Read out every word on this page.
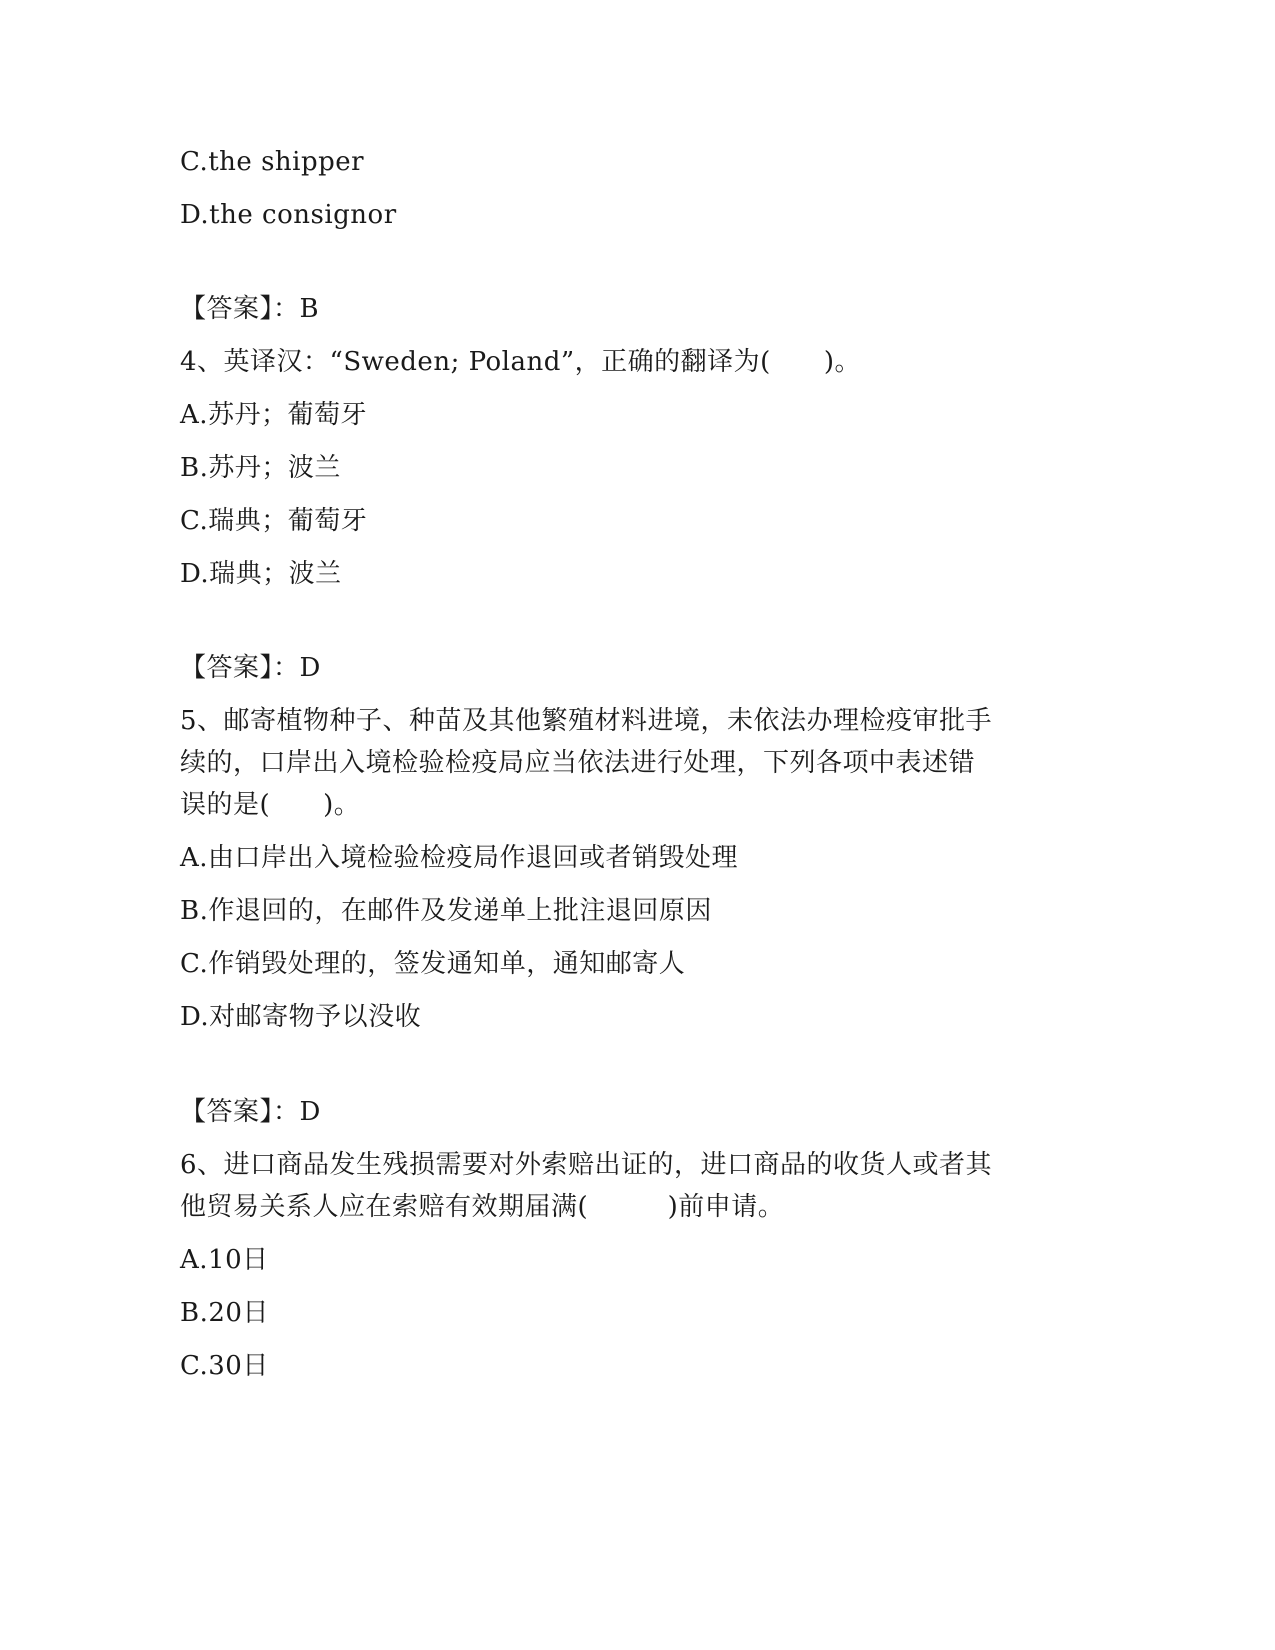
C.the shipper
D.the consignor
【答案】：B
4、英译汉：“Sweden; Poland”，正确的翻译为(　　)。
A.苏丹；葡萄牙
B.苏丹；波兰
C.瑞典；葡萄牙
D.瑞典；波兰
【答案】：D
5、邮寄植物种子、种苗及其他繁殖材料进境，未依法办理检疫审批手
续的，口岸出入境检验检疫局应当依法进行处理，下列各项中表述错
误的是(　　)。
A.由口岸出入境检验检疫局作退回或者销毁处理
B.作退回的，在邮件及发递单上批注退回原因
C.作销毁处理的，签发通知单，通知邮寄人
D.对邮寄物予以没收
【答案】：D
6、进口商品发生残损需要对外索赔出证的，进口商品的收货人或者其
他贸易关系人应在索赔有效期届满(　　　)前申请。
A.10日
B.20日
C.30日
